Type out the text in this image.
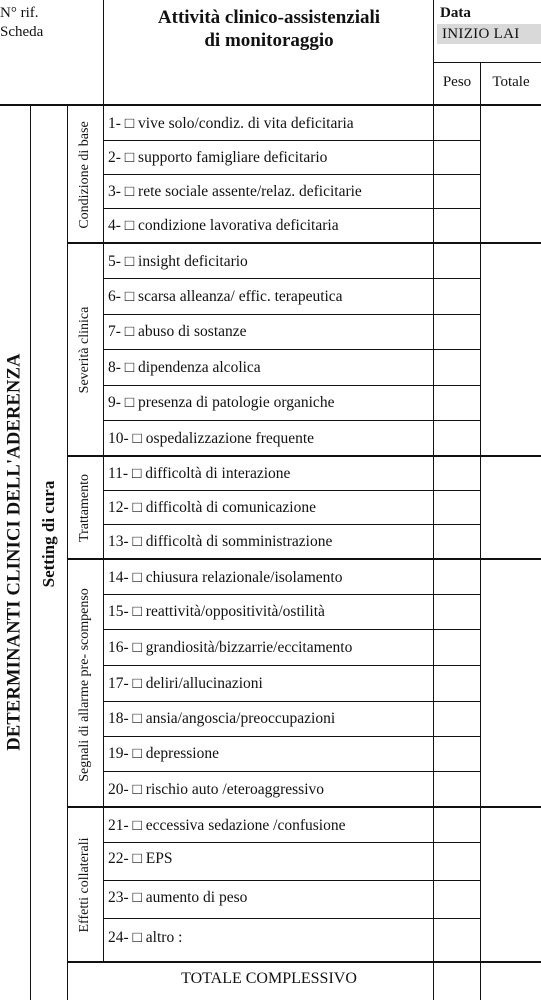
N° rif.
Scheda
Attività clinico-assistenziali
di monitoraggio
Data
INIZIO LAI
Peso	Totale
DETERMINANTI CLINICI DELL'ADERENZA Setting di cura
Condizione di base
Severità clinica
Trattamento
Segnali di allarme pre- scompenso
Effetti collaterali
1- □ vive solo/condiz. di vita deficitaria
2- □ supporto famigliare deficitario
3- □ rete sociale assente/relaz. deficitarie
4- □ condizione lavorativa deficitaria
5- □ insight deficitario
6- □ scarsa alleanza/ effic. terapeutica
7- □ abuso di sostanze
8- □ dipendenza alcolica
9- □ presenza di patologie organiche
10- □ ospedalizzazione frequente
11- □ difficoltà di interazione
12- □ difficoltà di comunicazione
13- □ difficoltà di somministrazione
14- □ chiusura relazionale/isolamento
15- □ reattività/oppositività/ostilità
16- □ grandiosità/bizzarrie/eccitamento
17- □ deliri/allucinazioni
18- □ ansia/angoscia/preoccupazioni
19- □ depressione
20- □ rischio auto /eteroaggressivo
21- □ eccessiva sedazione /confusione
22- □ EPS
23- □ aumento di peso
24- □ altro :
TOTALE COMPLESSIVO
